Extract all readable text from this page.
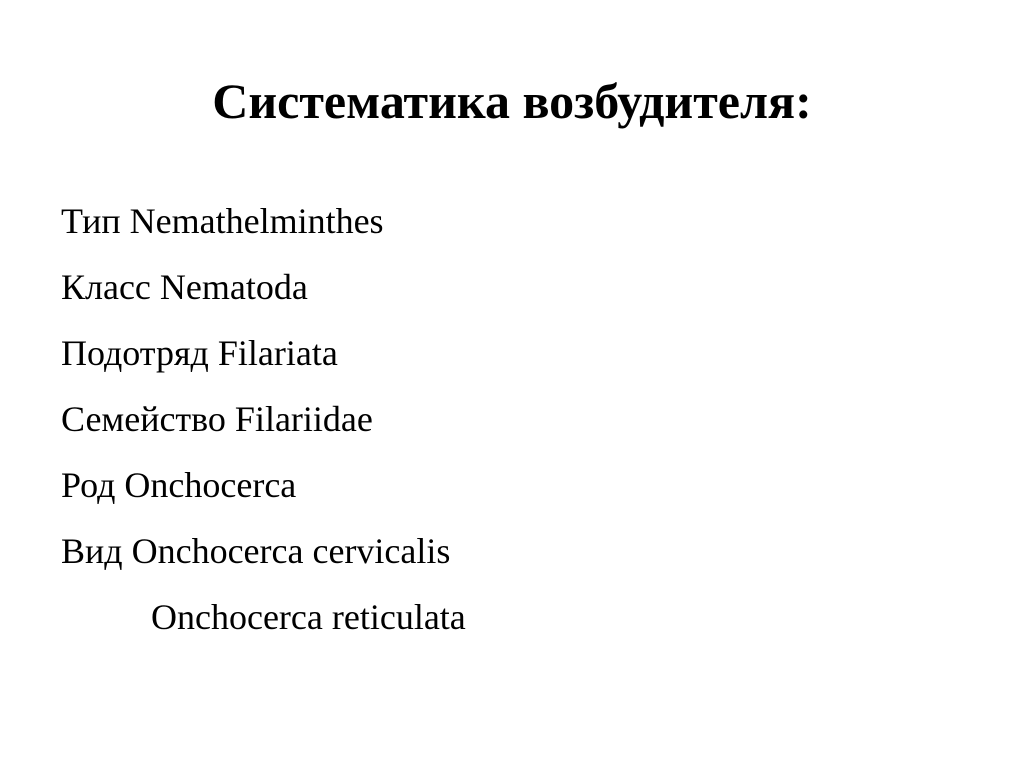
Систематика возбудителя:
Тип Nemathelminthes
Класс Nematoda
Подотряд Filariata
Семейство Filariidae
Род Onchocerca
Вид Onchocerca cervicalis
Onchocerca reticulata
